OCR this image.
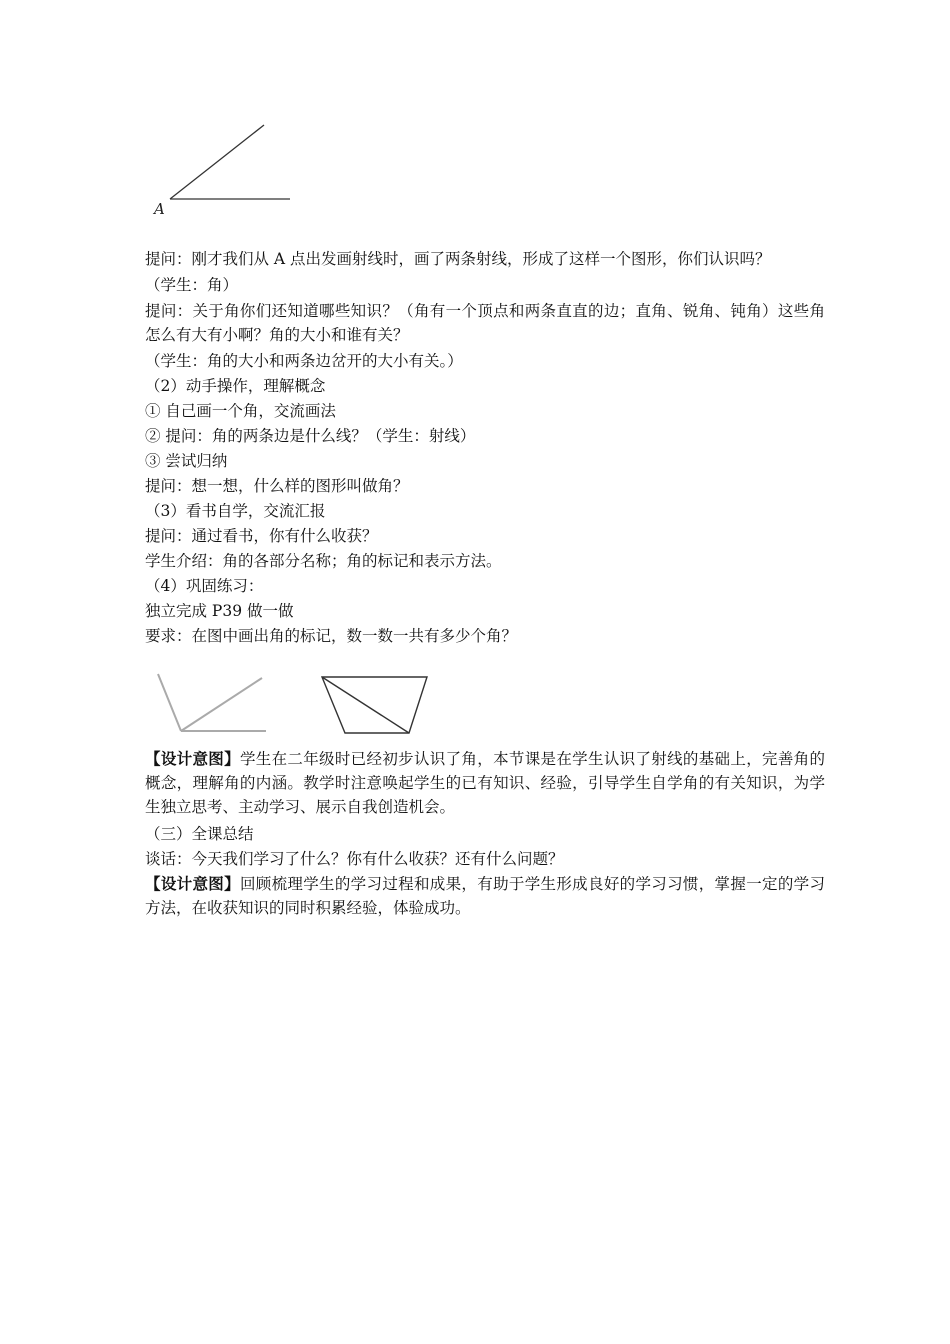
A
提问：刚才我们从 A 点出发画射线时，画了两条射线，形成了这样一个图形，你们认识吗？
（学生：角）
提问：关于角你们还知道哪些知识？（角有一个顶点和两条直直的边；直角、锐角、钝角）这些角怎么有大有小啊？角的大小和谁有关？
（学生：角的大小和两条边岔开的大小有关。）
（2）动手操作，理解概念
① 自己画一个角，交流画法
② 提问：角的两条边是什么线？（学生：射线）
③ 尝试归纳
提问：想一想，什么样的图形叫做角？
（3）看书自学，交流汇报
提问：通过看书，你有什么收获？
学生介绍：角的各部分名称；角的标记和表示方法。
（4）巩固练习：
独立完成 P39 做一做
要求：在图中画出角的标记，数一数一共有多少个角？
【设计意图】学生在二年级时已经初步认识了角，本节课是在学生认识了射线的基础上，完善角的概念，理解角的内涵。教学时注意唤起学生的已有知识、经验，引导学生自学角的有关知识，为学生独立思考、主动学习、展示自我创造机会。
（三）全课总结
谈话：今天我们学习了什么？你有什么收获？还有什么问题？
【设计意图】回顾梳理学生的学习过程和成果，有助于学生形成良好的学习习惯，掌握一定的学习方法，在收获知识的同时积累经验，体验成功。
